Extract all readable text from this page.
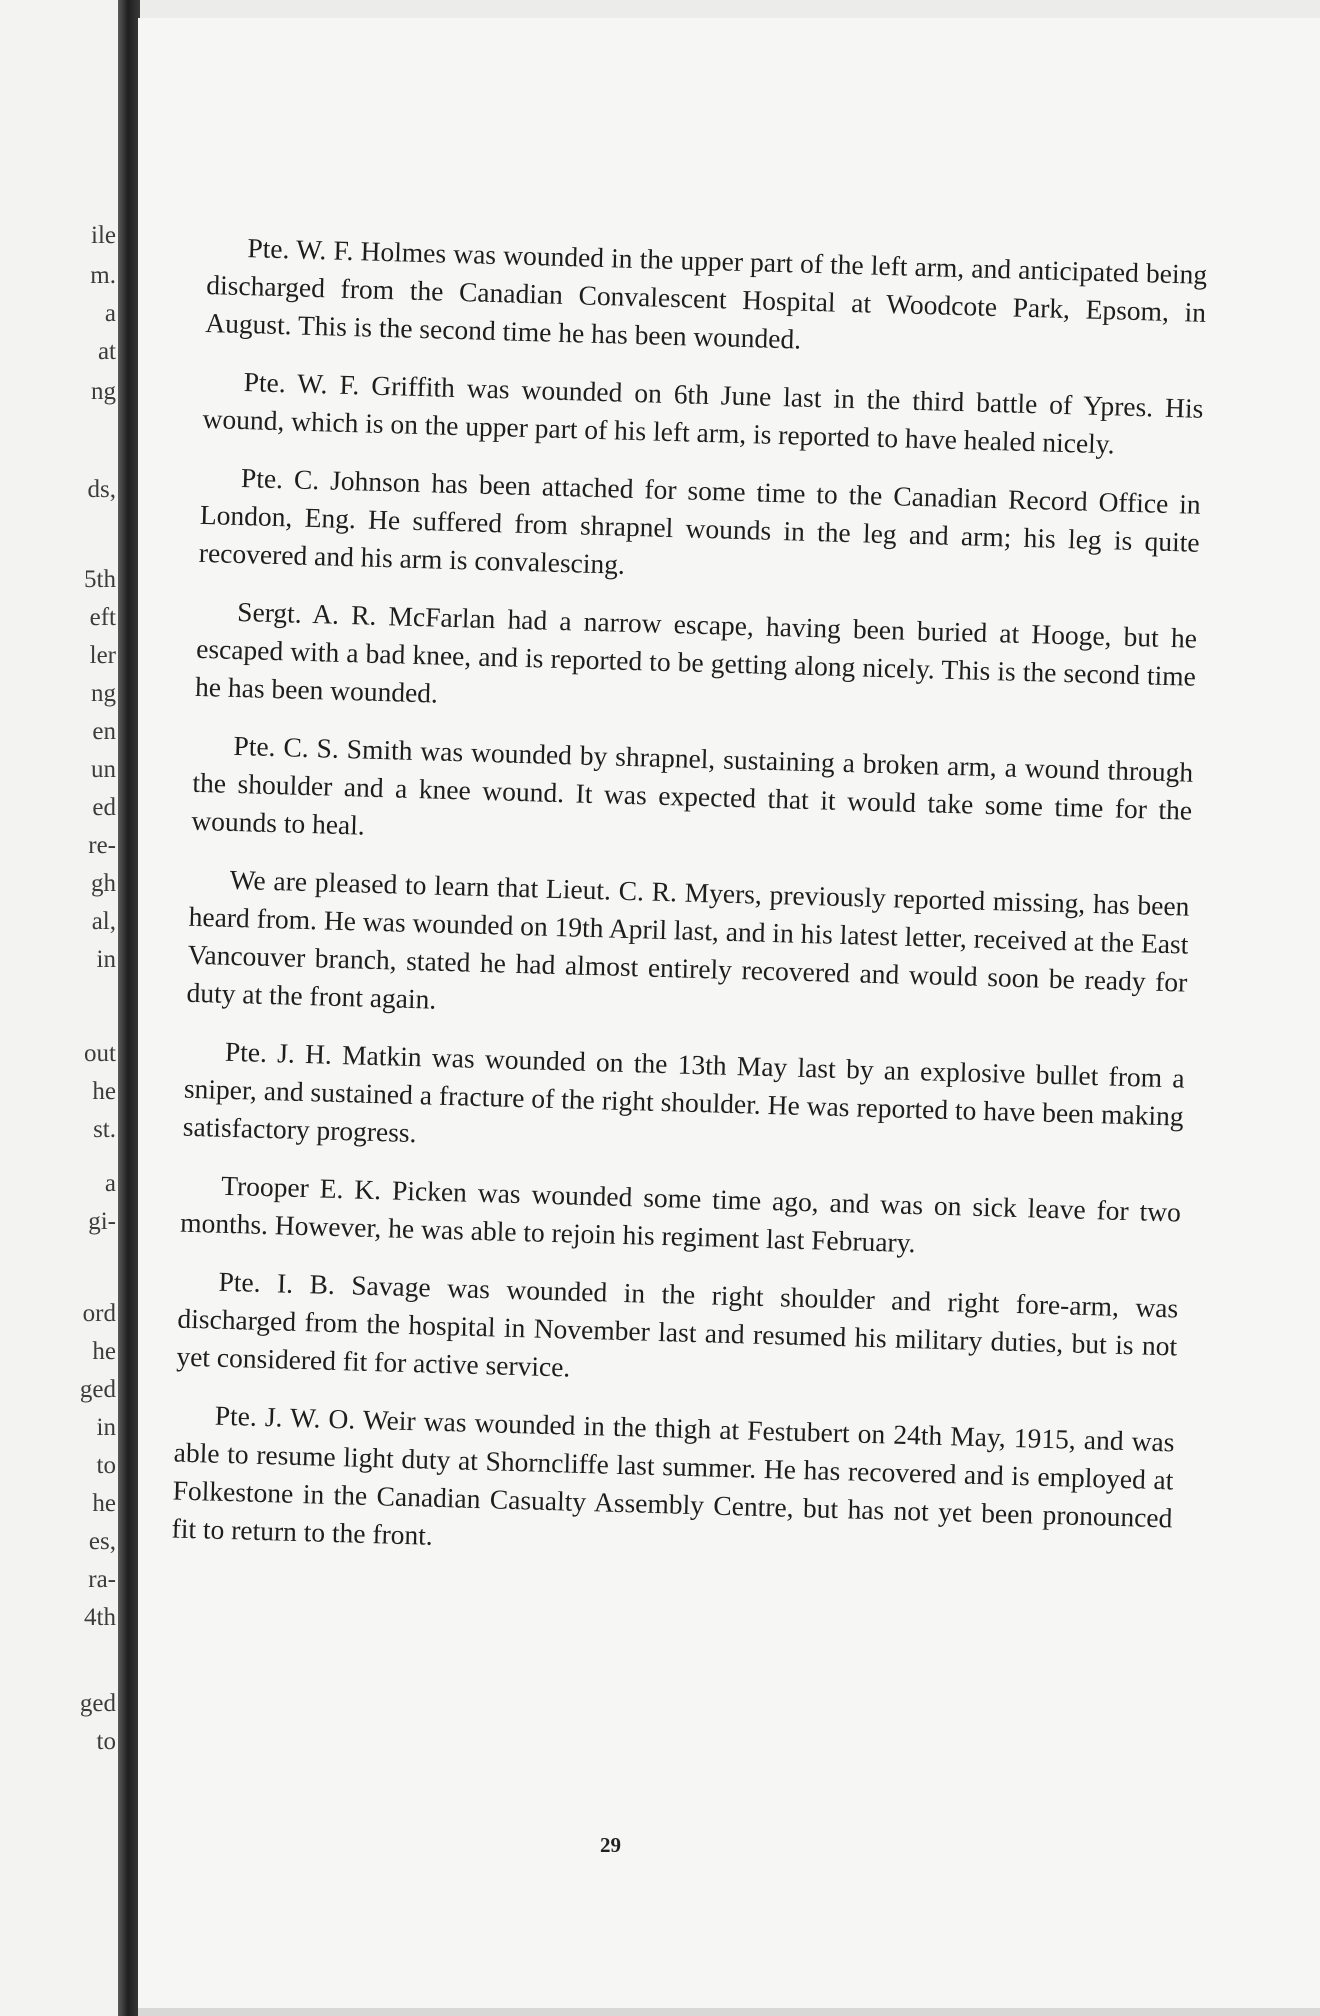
ile
m.
a
at
ng
ds,
5th
eft
ler
ng
en
un
ed
re-
gh
al,
in
out
he
st.
a
gi-
ord
he
ged
in
to
he
es,
ra-
4th
ged
to

Pte. W. F. Holmes was wounded in the upper part of the left arm, and anticipated being discharged from the Canadian Convalescent Hospital at Woodcote Park, Epsom, in August. This is the second time he has been wounded.

Pte. W. F. Griffith was wounded on 6th June last in the third battle of Ypres. His wound, which is on the upper part of his left arm, is reported to have healed nicely.

Pte. C. Johnson has been attached for some time to the Canadian Record Office in London, Eng. He suffered from shrapnel wounds in the leg and arm; his leg is quite recovered and his arm is convalescing.

Sergt. A. R. McFarlan had a narrow escape, having been buried at Hooge, but he escaped with a bad knee, and is reported to be getting along nicely. This is the second time he has been wounded.

Pte. C. S. Smith was wounded by shrapnel, sustaining a broken arm, a wound through the shoulder and a knee wound. It was expected that it would take some time for the wounds to heal.

We are pleased to learn that Lieut. C. R. Myers, previously reported missing, has been heard from. He was wounded on 19th April last, and in his latest letter, received at the East Vancouver branch, stated he had almost entirely recovered and would soon be ready for duty at the front again.

Pte. J. H. Matkin was wounded on the 13th May last by an explosive bullet from a sniper, and sustained a fracture of the right shoulder. He was reported to have been making satisfactory progress.

Trooper E. K. Picken was wounded some time ago, and was on sick leave for two months. However, he was able to rejoin his regiment last February.

Pte. I. B. Savage was wounded in the right shoulder and right fore-arm, was discharged from the hospital in November last and resumed his military duties, but is not yet considered fit for active service.

Pte. J. W. O. Weir was wounded in the thigh at Festubert on 24th May, 1915, and was able to resume light duty at Shorncliffe last summer. He has recovered and is employed at Folkestone in the Canadian Casualty Assembly Centre, but has not yet been pronounced fit to return to the front.

29
